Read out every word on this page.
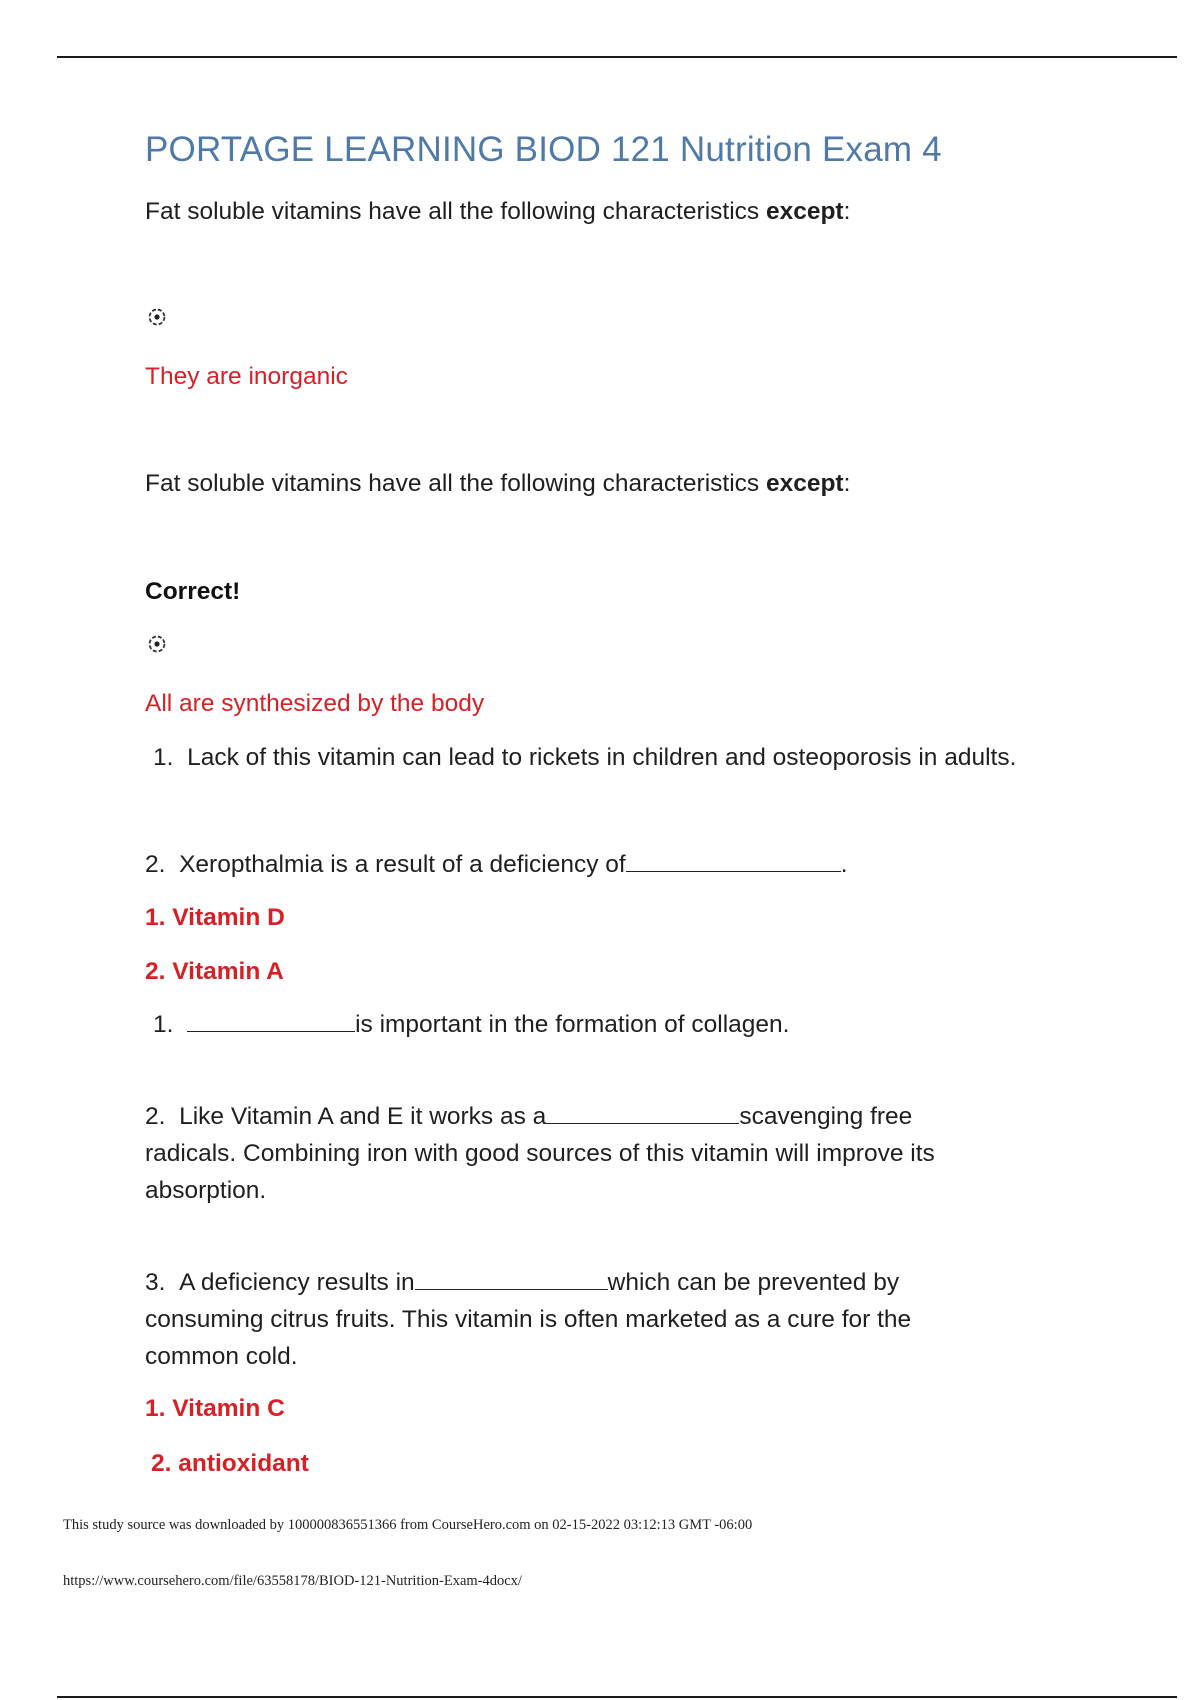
PORTAGE LEARNING BIOD 121 Nutrition Exam 4
Fat soluble vitamins have all the following characteristics except:
They are inorganic
Fat soluble vitamins have all the following characteristics except:
Correct!
All are synthesized by the body
1. Lack of this vitamin can lead to rickets in children and osteoporosis in adults.
2. Xeropthalmia is a result of a deficiency of	.
1. Vitamin D
2. Vitamin A
1.	is important in the formation of collagen.
2. Like Vitamin A and E it works as a	scavenging free
radicals. Combining iron with good sources of this vitamin will improve its
absorption.
3. A deficiency results in	which can be prevented by
consuming citrus fruits. This vitamin is often marketed as a cure for the
common cold.
1. Vitamin C
2. antioxidant
This study source was downloaded by 100000836551366 from CourseHero.com on 02-15-2022 03:12:13 GMT -06:00
https://www.coursehero.com/file/63558178/BIOD-121-Nutrition-Exam-4docx/
